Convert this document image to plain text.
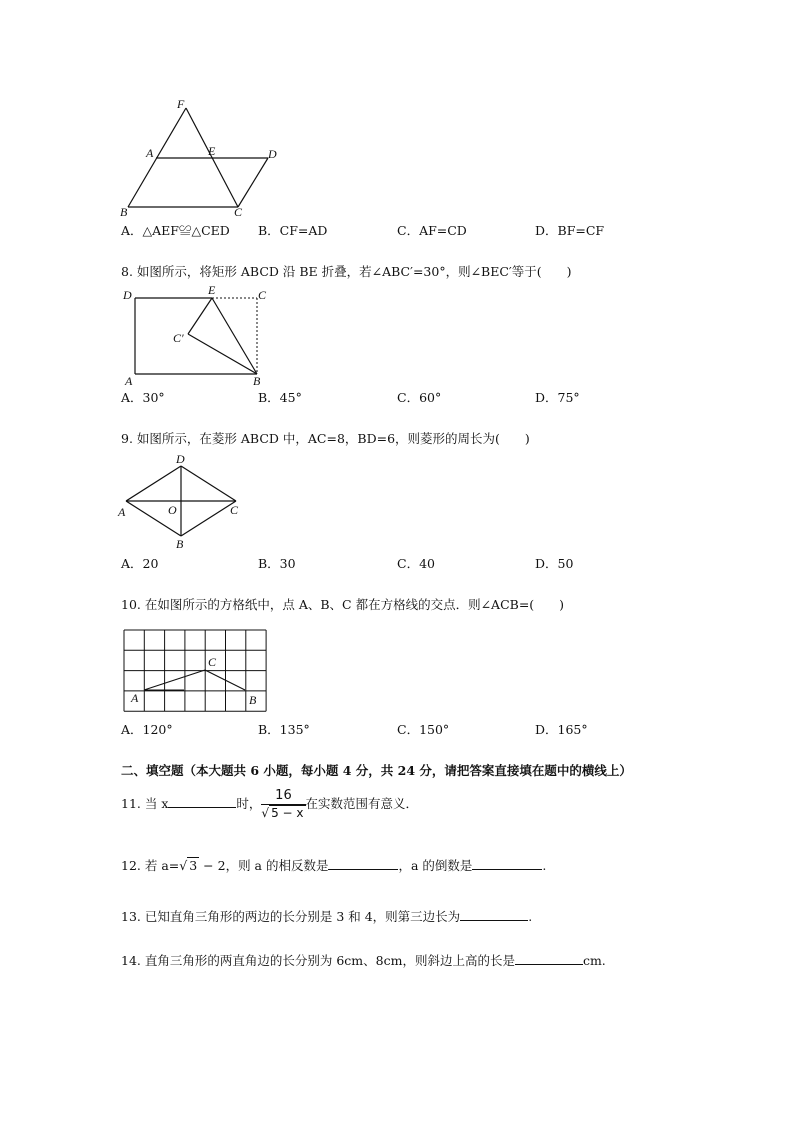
F
A	E	D
B	C
A．△AEF≌△CED B．CF=AD	C．AF=CD	D．BF=CF
8. 如图所示，将矩形 ABCD 沿 BE 折叠，若∠ABC′=30°，则∠BEC′等于(　　)
D	E	C
C′
A	B
A．30°	B．45°	C．60°	D．75°
9. 如图所示，在菱形 ABCD 中，AC=8，BD=6，则菱形的周长为(　　)
D
A	O	C
B
A．20	B．30	C．40	D．50
10. 在如图所示的方格纸中，点 A、B、C 都在方格线的交点．则∠ACB=(　　)
C
A	B
A．120°	B．135°	C．150°	D．165°
二、填空题（本大题共 6 小题，每小题 4 分，共 24 分，请把答案直接填在题中的横线上）
11. 当 x	时， $\frac{16}{√ 5 - x}$ 在实数范围有意义．
12. 若 a=√ 3 − 2，则 a 的相反数是	，a 的倒数是	.
13. 已知直角三角形的两边的长分别是 3 和 4，则第三边长为	.
14. 直角三角形的两直角边的长分别为 6cm、8cm，则斜边上高的长是	cm.
